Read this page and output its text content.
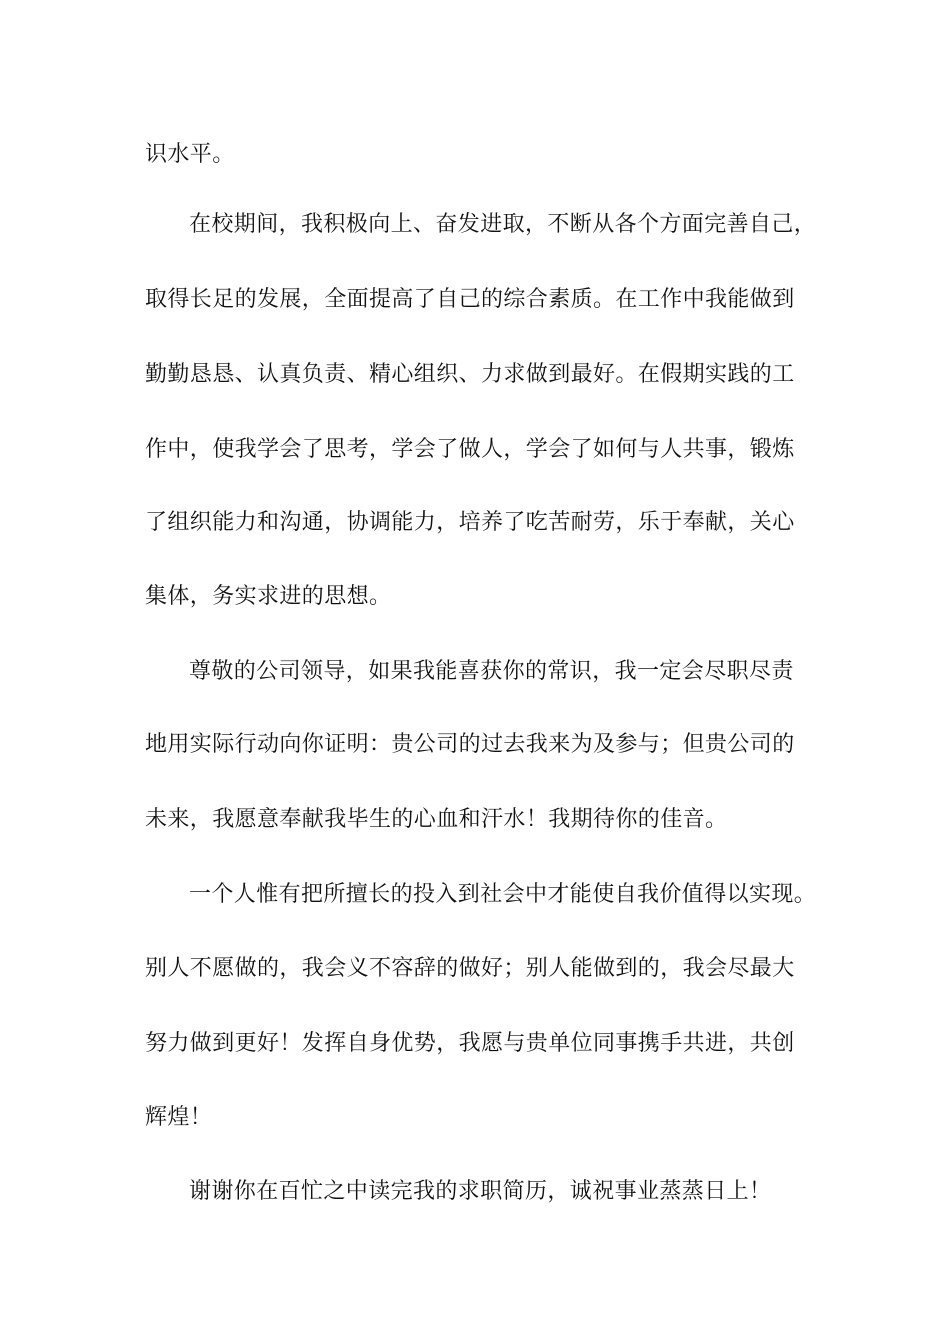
识水平。
在校期间，我积极向上、奋发进取，不断从各个方面完善自己，
取得长足的发展，全面提高了自己的综合素质。在工作中我能做到
勤勤恳恳、认真负责、精心组织、力求做到最好。在假期实践的工
作中，使我学会了思考，学会了做人，学会了如何与人共事，锻炼
了组织能力和沟通，协调能力，培养了吃苦耐劳，乐于奉献，关心
集体，务实求进的思想。
尊敬的公司领导，如果我能喜获你的常识，我一定会尽职尽责
地用实际行动向你证明：贵公司的过去我来为及参与；但贵公司的
未来，我愿意奉献我毕生的心血和汗水！我期待你的佳音。
一个人惟有把所擅长的投入到社会中才能使自我价值得以实现。
别人不愿做的，我会义不容辞的做好；别人能做到的，我会尽最大
努力做到更好！发挥自身优势，我愿与贵单位同事携手共进，共创
辉煌！
谢谢你在百忙之中读完我的求职简历，诚祝事业蒸蒸日上！
